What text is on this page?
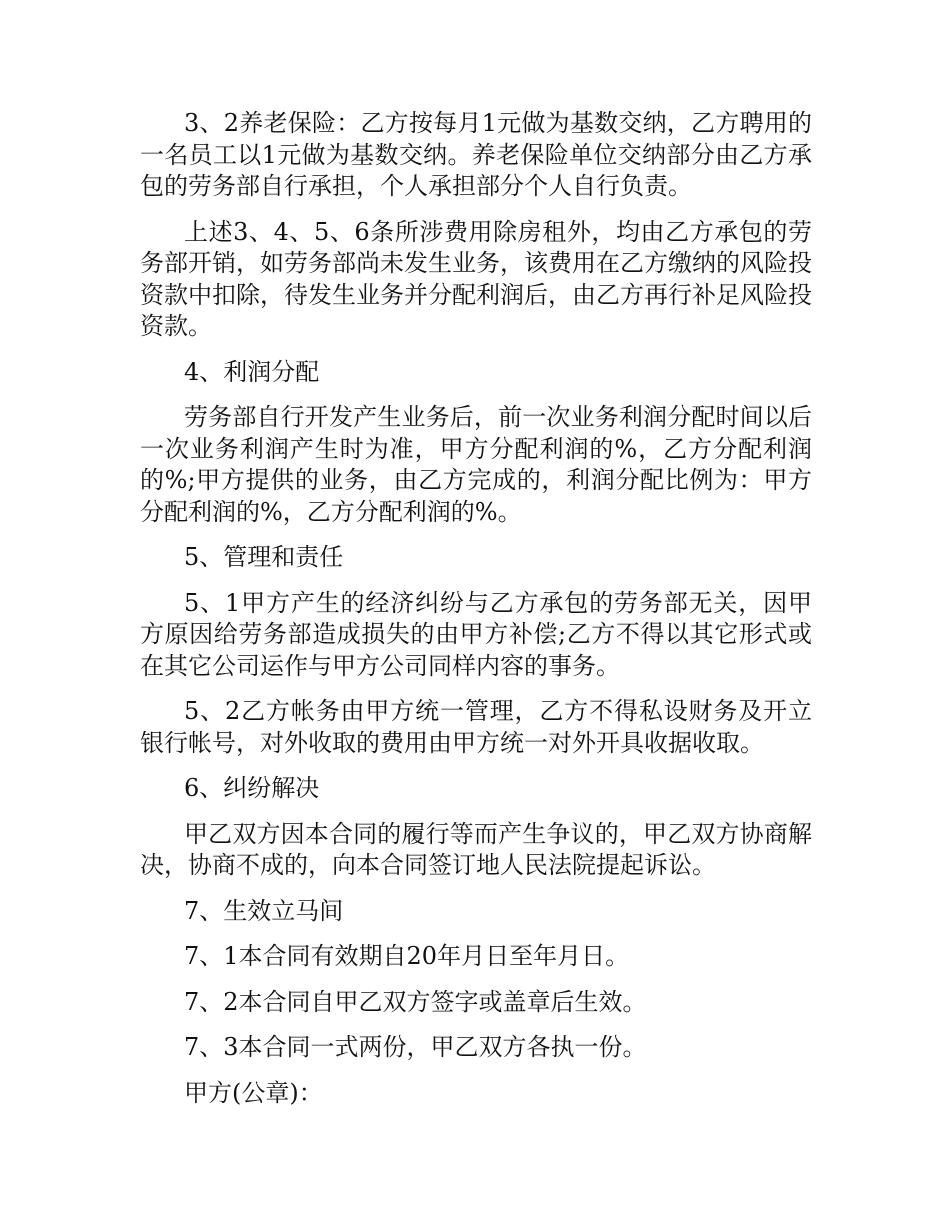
3、2养老保险：乙方按每月1元做为基数交纳，乙方聘用的一名员工以1元做为基数交纳。养老保险单位交纳部分由乙方承包的劳务部自行承担，个人承担部分个人自行负责。

上述3、4、5、6条所涉费用除房租外，均由乙方承包的劳务部开销，如劳务部尚未发生业务，该费用在乙方缴纳的风险投资款中扣除，待发生业务并分配利润后，由乙方再行补足风险投资款。

4、利润分配

劳务部自行开发产生业务后，前一次业务利润分配时间以后一次业务利润产生时为准，甲方分配利润的%，乙方分配利润的%;甲方提供的业务，由乙方完成的，利润分配比例为：甲方分配利润的%，乙方分配利润的%。

5、管理和责任

5、1甲方产生的经济纠纷与乙方承包的劳务部无关，因甲方原因给劳务部造成损失的由甲方补偿;乙方不得以其它形式或在其它公司运作与甲方公司同样内容的事务。

5、2乙方帐务由甲方统一管理，乙方不得私设财务及开立银行帐号，对外收取的费用由甲方统一对外开具收据收取。

6、纠纷解决

甲乙双方因本合同的履行等而产生争议的，甲乙双方协商解决，协商不成的，向本合同签订地人民法院提起诉讼。

7、生效立马间

7、1本合同有效期自20年月日至年月日。

7、2本合同自甲乙双方签字或盖章后生效。

7、3本合同一式两份，甲乙双方各执一份。

甲方(公章)：
